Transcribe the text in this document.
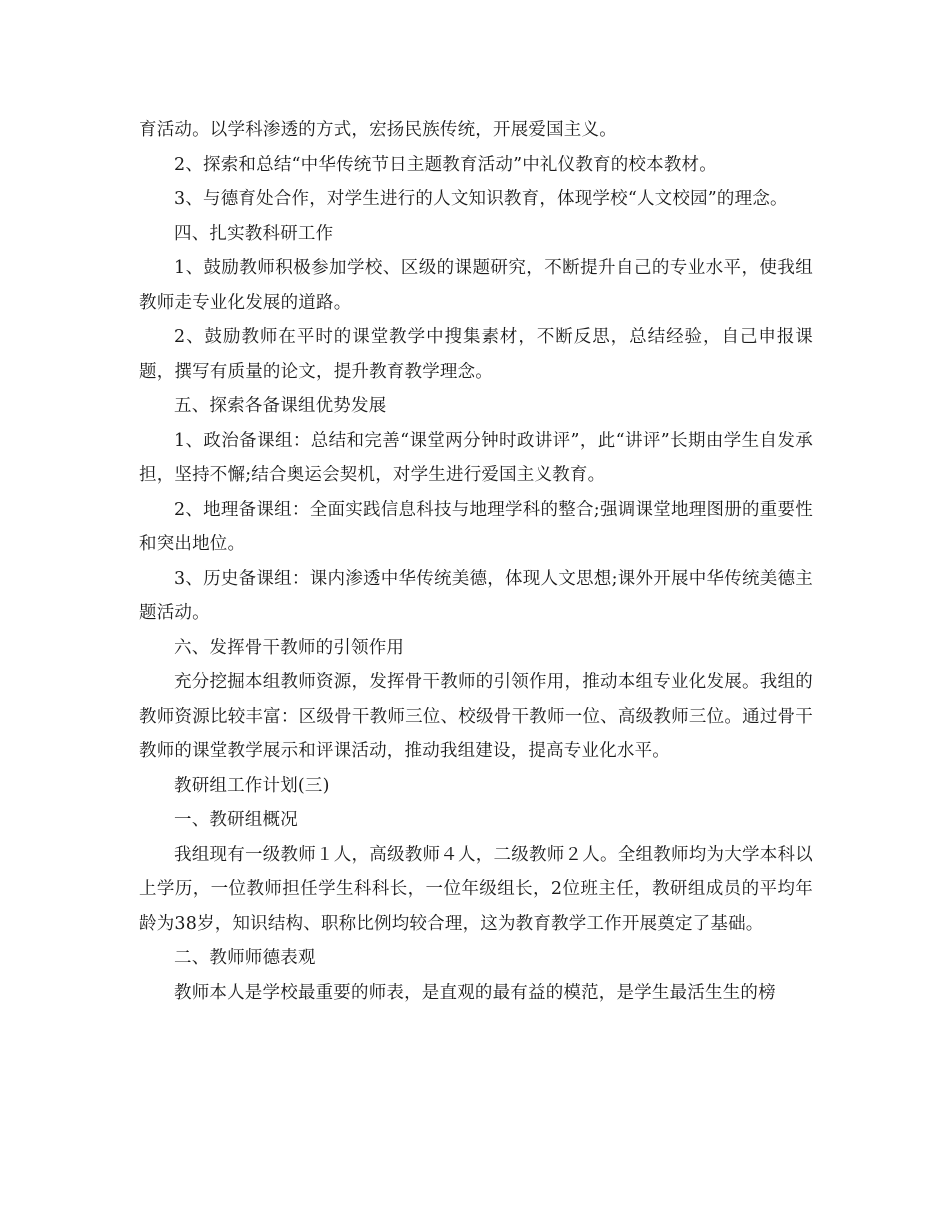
育活动。以学科渗透的方式，宏扬民族传统，开展爱国主义。

2、探索和总结“中华传统节日主题教育活动”中礼仪教育的校本教材。

3、与德育处合作，对学生进行的人文知识教育，体现学校“人文校园”的理念。

四、扎实教科研工作

1、鼓励教师积极参加学校、区级的课题研究，不断提升自己的专业水平，使我组教师走专业化发展的道路。

2、鼓励教师在平时的课堂教学中搜集素材，不断反思，总结经验，自己申报课题，撰写有质量的论文，提升教育教学理念。

五、探索各备课组优势发展

1、政治备课组：总结和完善“课堂两分钟时政讲评”，此“讲评”长期由学生自发承担，坚持不懈;结合奥运会契机，对学生进行爱国主义教育。

2、地理备课组：全面实践信息科技与地理学科的整合;强调课堂地理图册的重要性和突出地位。

3、历史备课组：课内渗透中华传统美德，体现人文思想;课外开展中华传统美德主题活动。

六、发挥骨干教师的引领作用

充分挖掘本组教师资源，发挥骨干教师的引领作用，推动本组专业化发展。我组的教师资源比较丰富：区级骨干教师三位、校级骨干教师一位、高级教师三位。通过骨干教师的课堂教学展示和评课活动，推动我组建设，提高专业化水平。

教研组工作计划(三)

一、教研组概况

我组现有一级教师１人，高级教师４人，二级教师２人。全组教师均为大学本科以上学历，一位教师担任学生科科长，一位年级组长，2位班主任，教研组成员的平均年龄为38岁，知识结构、职称比例均较合理，这为教育教学工作开展奠定了基础。

二、教师师德表观

教师本人是学校最重要的师表，是直观的最有益的模范，是学生最活生生的榜
